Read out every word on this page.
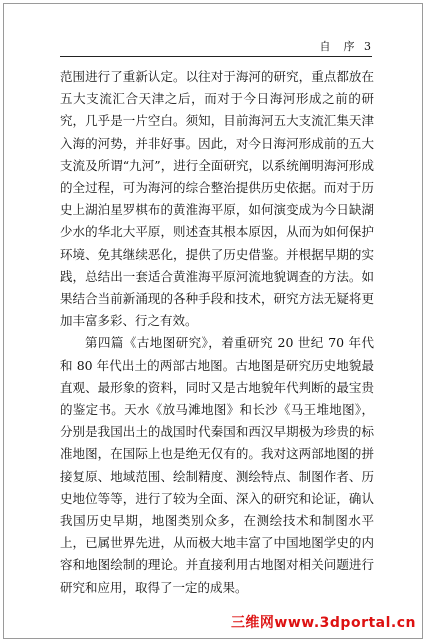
自　序 3

范围进行了重新认定。以往对于海河的研究，重点都放在五大支流汇合天津之后，而对于今日海河形成之前的研究，几乎是一片空白。须知，目前海河五大支流汇集天津入海的河势，并非好事。因此，对今日海河形成前的五大支流及所谓“九河”，进行全面研究，以系统阐明海河形成的全过程，可为海河的综合整治提供历史依据。而对于历史上湖泊星罗棋布的黄淮海平原，如何演变成为今日缺湖少水的华北大平原，则述查其根本原因，从而为如何保护环境、免其继续恶化，提供了历史借鉴。并根据早期的实践，总结出一套适合黄淮海平原河流地貌调查的方法。如果结合当前新涌现的各种手段和技术，研究方法无疑将更加丰富多彩、行之有效。

第四篇《古地图研究》，着重研究 20 世纪 70 年代和 80 年代出土的两部古地图。古地图是研究历史地貌最直观、最形象的资料，同时又是古地貌年代判断的最宝贵的鉴定书。天水《放马滩地图》和长沙《马王堆地图》，分别是我国出土的战国时代秦国和西汉早期极为珍贵的标准地图，在国际上也是绝无仅有的。我对这两部地图的拼接复原、地域范围、绘制精度、测绘特点、制图作者、历史地位等等，进行了较为全面、深入的研究和论证，确认我国历史早期，地图类别众多，在测绘技术和制图水平上，已属世界先进，从而极大地丰富了中国地图学史的内容和地图绘制的理论。并直接利用古地图对相关问题进行研究和应用，取得了一定的成果。

三维网www.3dportal.cn
